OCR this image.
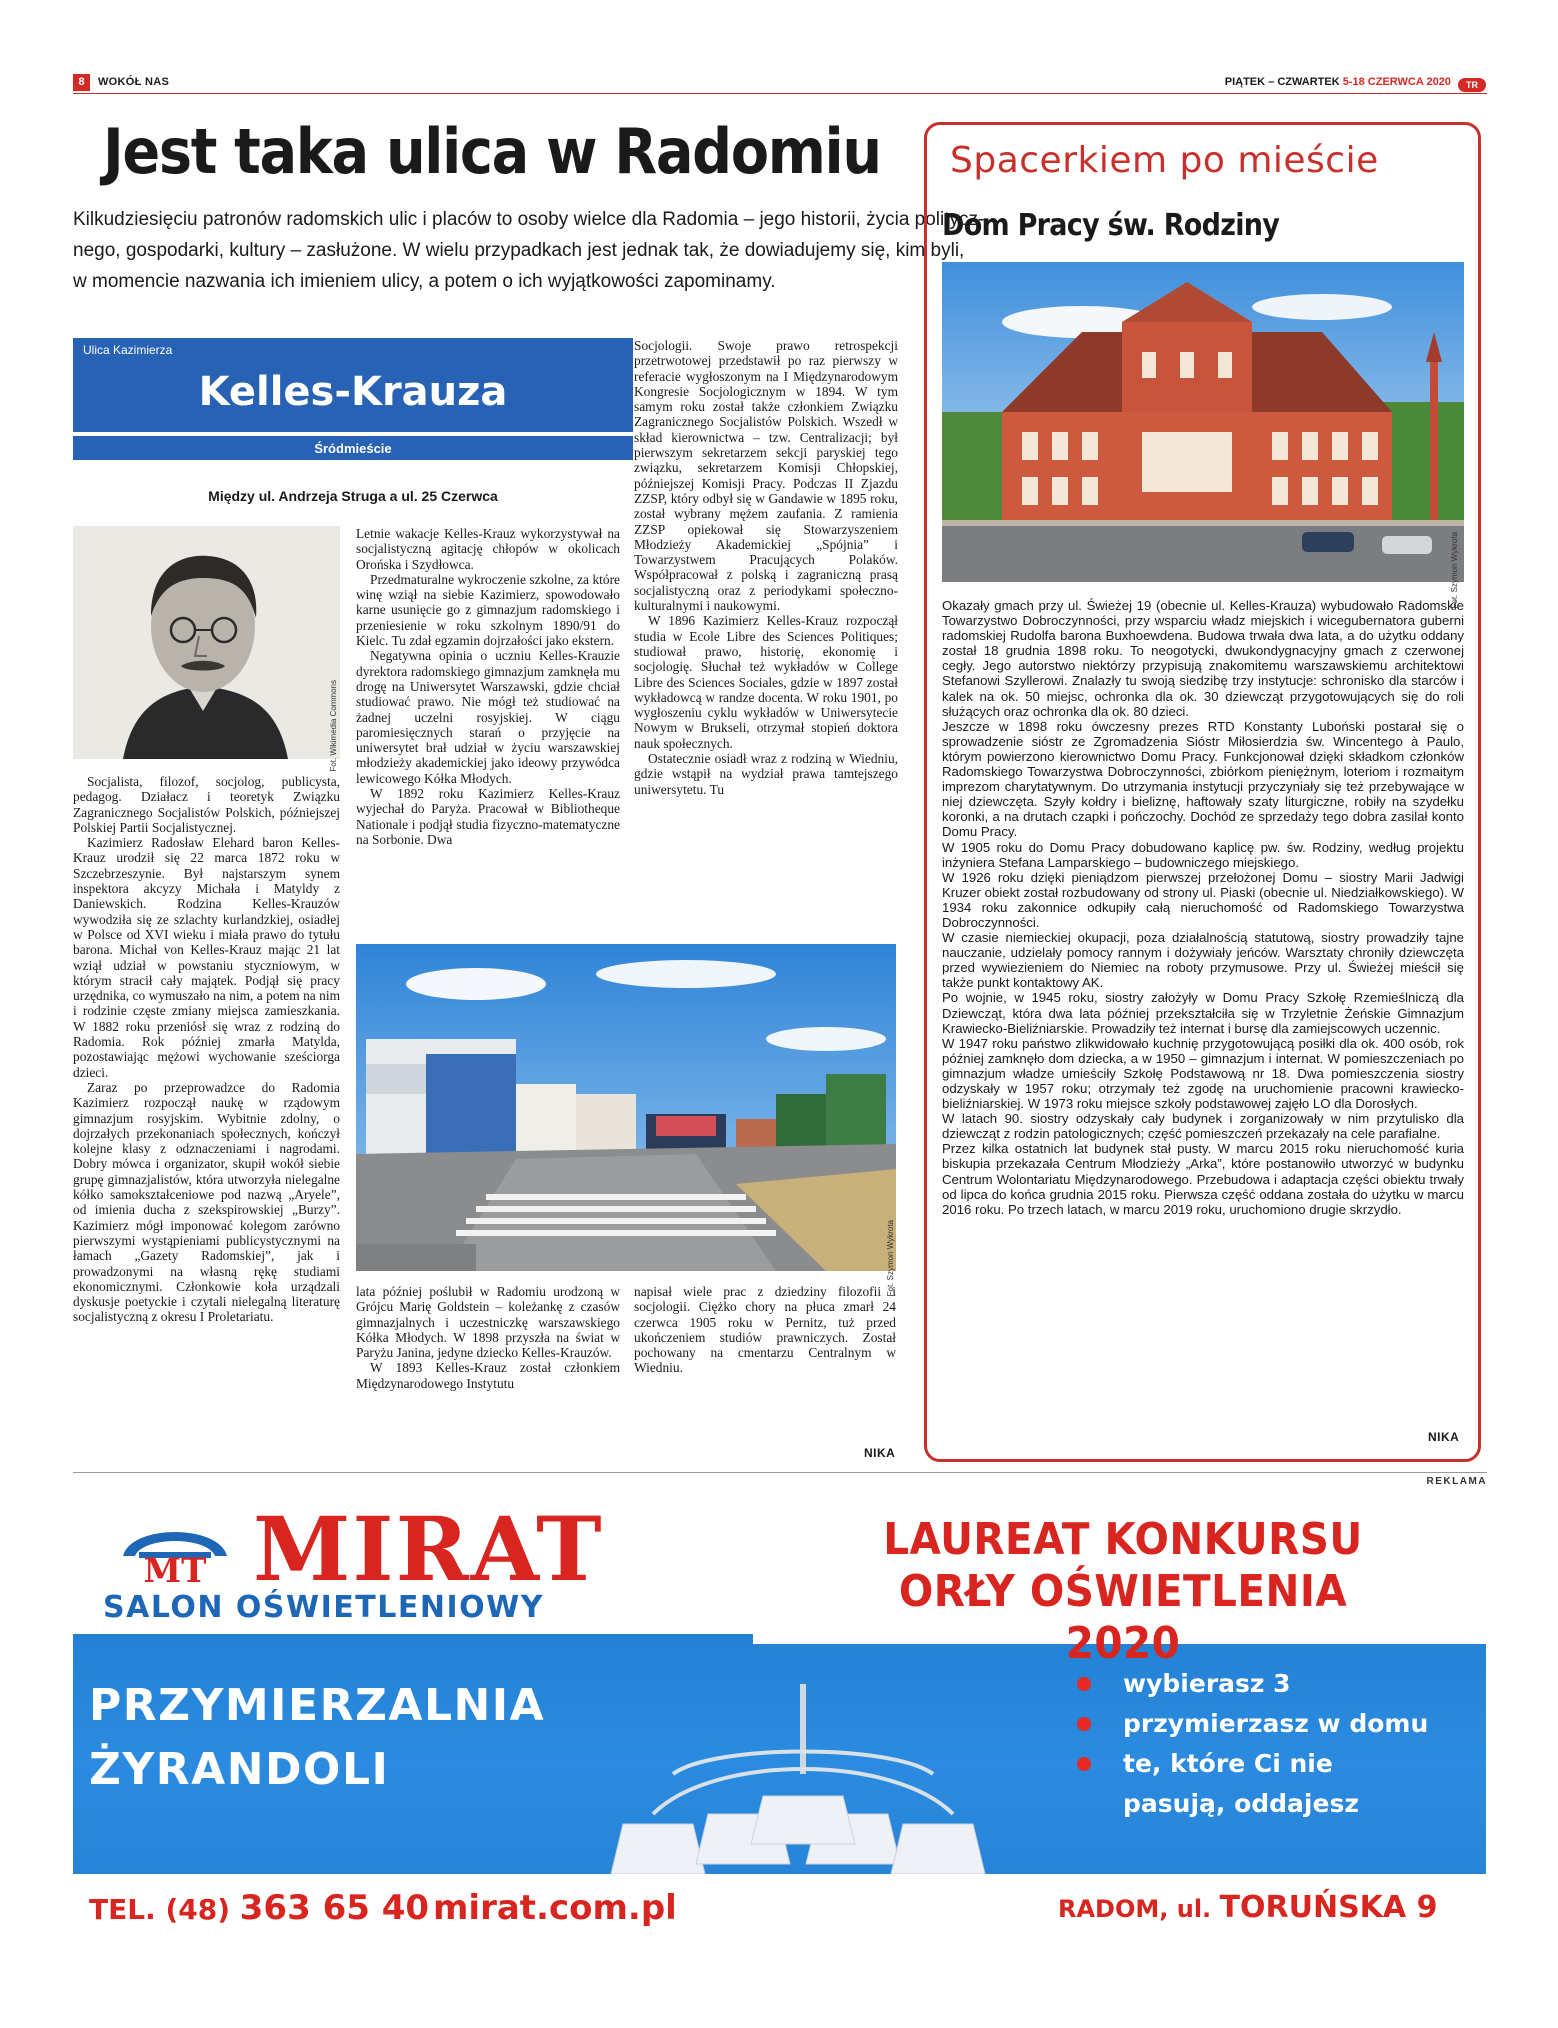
8	WOKÓŁ NAS	PIĄTEK – CZWARTEK 5-18 CZERWCA 2020 TR
Jest taka ulica w Radomiu
Kilkudziesięciu patronów radomskich ulic i placów to osoby wielce dla Radomia – jego historii, życia politycz-
nego, gospodarki, kultury – zasłużone. W wielu przypadkach jest jednak tak, że dowiadujemy się, kim byli,
w momencie nazwania ich imieniem ulicy, a potem o ich wyjątkowości zapominamy.
Ulica Kazimierza
Kelles-Krauza
Śródmieście
Między ul. Andrzeja Struga a ul. 25 Czerwca
Fot. Wikimedia Commons

Socjalista, filozof, socjolog, publicysta, pedagog. Działacz i teoretyk Związku Zagranicznego Socjalistów Polskich, późniejszej Polskiej Partii Socjalistycznej.

Kazimierz Radosław Elehard baron Kelles-Krauz urodził się 22 marca 1872 roku w Szczebrzeszynie. Był najstarszym synem inspektora akcyzy Michała i Matyldy z Daniewskich. Rodzina Kelles-Krauzów wywodziła się ze szlachty kurlandzkiej, osiadłej w Polsce od XVI wieku i miała prawo do tytułu barona. Michał von Kelles-Krauz mając 21 lat wziął udział w powstaniu styczniowym, w którym stracił cały majątek. Podjął się pracy urzędnika, co wymuszało na nim, a potem na nim i rodzinie częste zmiany miejsca zamieszkania. W 1882 roku przeniósł się wraz z rodziną do Radomia. Rok później zmarła Matylda, pozostawiając mężowi wychowanie sześciorga dzieci.

Zaraz po przeprowadzce do Radomia Kazimierz rozpoczął naukę w rządowym gimnazjum rosyjskim. Wybitnie zdolny, o dojrzałych przekonaniach społecznych, kończył kolejne klasy z odznaczeniami i nagrodami. Dobry mówca i organizator, skupił wokół siebie grupę gimnazjalistów, która utworzyła nielegalne kółko samokształceniowe pod nazwą „Aryele”, od imienia ducha z szekspirowskiej „Burzy”. Kazimierz mógł imponować kolegom zarówno pierwszymi wystąpieniami publicystycznymi na łamach „Gazety Radomskiej”, jak i prowadzonymi na własną rękę studiami ekonomicznymi. Członkowie koła urządzali dyskusje poetyckie i czytali nielegalną literaturę socjalistyczną z okresu I Proletariatu.

Letnie wakacje Kelles-Krauz wykorzystywał na socjalistyczną agitację chłopów w okolicach Orońska i Szydłowca.

Przedmaturalne wykroczenie szkolne, za które winę wziął na siebie Kazimierz, spowodowało karne usunięcie go z gimnazjum radomskiego i przeniesienie w roku szkolnym 1890/91 do Kielc. Tu zdał egzamin dojrzałości jako ekstern.

Negatywna opinia o uczniu Kelles-Krauzie dyrektora radomskiego gimnazjum zamknęła mu drogę na Uniwersytet Warszawski, gdzie chciał studiować prawo. Nie mógł też studiować na żadnej uczelni rosyjskiej. W ciągu paromiesięcznych starań o przyjęcie na uniwersytet brał udział w życiu warszawskiej młodzieży akademickiej jako ideowy przywódca lewicowego Kółka Młodych.

W 1892 roku Kazimierz Kelles-Krauz wyjechał do Paryża. Pracował w Bibliotheque Nationale i podjął studia fizyczno-matematyczne na Sorbonie. Dwa

Socjologii. Swoje prawo retrospekcji przetrwotowej przedstawił po raz pierwszy w referacie wygłoszonym na I Międzynarodowym Kongresie Socjologicznym w 1894. W tym samym roku został także członkiem Związku Zagranicznego Socjalistów Polskich. Wszedł w skład kierownictwa – tzw. Centralizacji; był pierwszym sekretarzem sekcji paryskiej tego związku, sekretarzem Komisji Chłopskiej, późniejszej Komisji Pracy. Podczas II Zjazdu ZZSP, który odbył się w Gandawie w 1895 roku, został wybrany mężem zaufania. Z ramienia ZZSP opiekował się Stowarzyszeniem Młodzieży Akademickiej „Spójnia” i Towarzystwem Pracujących Polaków. Współpracował z polską i zagraniczną prasą socjalistyczną oraz z periodykami społeczno-kulturalnymi i naukowymi.

W 1896 Kazimierz Kelles-Krauz rozpoczął studia w Ecole Libre des Sciences Politiques; studiował prawo, historię, ekonomię i socjologię. Słuchał też wykładów w College Libre des Sciences Sociales, gdzie w 1897 został wykładowcą w randze docenta. W roku 1901, po wygłoszeniu cyklu wykładów w Uniwersytecie Nowym w Brukseli, otrzymał stopień doktora nauk społecznych.

Ostatecznie osiadł wraz z rodziną w Wiedniu, gdzie wstąpił na wydział prawa tamtejszego uniwersytetu. Tu

Fot. Szymon Wykrota

lata później poślubił w Radomiu urodzoną w Grójcu Marię Goldstein – koleżankę z czasów gimnazjalnych i uczestniczkę warszawskiego Kółka Młodych. W 1898 przyszła na świat w Paryżu Janina, jedyne dziecko Kelles-Krauzów.

W 1893 Kelles-Krauz został członkiem Międzynarodowego Instytutu

napisał wiele prac z dziedziny filozofii i socjologii. Ciężko chory na płuca zmarł 24 czerwca 1905 roku w Pernitz, tuż przed ukończeniem studiów prawniczych. Został pochowany na cmentarzu Centralnym w Wiedniu.

NIKA
Spacerkiem po mieście
Dom Pracy św. Rodziny
Fot. Szymon Wykrota

Okazały gmach przy ul. Świeżej 19 (obecnie ul. Kelles-Krauza) wybudowało Radomskie Towarzystwo Dobroczynności, przy wsparciu władz miejskich i wicegubernatora guberni radomskiej Rudolfa barona Buxhoewdena. Budowa trwała dwa lata, a do użytku oddany został 18 grudnia 1898 roku. To neogotycki, dwukondygnacyjny gmach z czerwonej cegły. Jego autorstwo niektórzy przypisują znakomitemu warszawskiemu architektowi Stefanowi Szyllerowi. Znalazły tu swoją siedzibę trzy instytucje: schronisko dla starców i kalek na ok. 50 miejsc, ochronka dla ok. 30 dziewcząt przygotowujących się do roli służących oraz ochronka dla ok. 80 dzieci.

Jeszcze w 1898 roku ówczesny prezes RTD Konstanty Luboński postarał się o sprowadzenie sióstr ze Zgromadzenia Sióstr Miłosierdzia św. Wincentego à Paulo, którym powierzono kierownictwo Domu Pracy. Funkcjonował dzięki składkom członków Radomskiego Towarzystwa Dobroczynności, zbiórkom pieniężnym, loteriom i rozmaitym imprezom charytatywnym. Do utrzymania instytucji przyczyniały się też przebywające w niej dziewczęta. Szyły kołdry i bieliznę, haftowały szaty liturgiczne, robiły na szydełku koronki, a na drutach czapki i pończochy. Dochód ze sprzedaży tego dobra zasilał konto Domu Pracy.

W 1905 roku do Domu Pracy dobudowano kaplicę pw. św. Rodziny, według projektu inżyniera Stefana Lamparskiego – budowniczego miejskiego.

W 1926 roku dzięki pieniądzom pierwszej przełożonej Domu – siostry Marii Jadwigi Kruzer obiekt został rozbudowany od strony ul. Piaski (obecnie ul. Niedziałkowskiego). W 1934 roku zakonnice odkupiły całą nieruchomość od Radomskiego Towarzystwa Dobroczynności.

W czasie niemieckiej okupacji, poza działalnością statutową, siostry prowadziły tajne nauczanie, udzielały pomocy rannym i dożywiały jeńców. Warsztaty chroniły dziewczęta przed wywiezieniem do Niemiec na roboty przymusowe. Przy ul. Świeżej mieścił się także punkt kontaktowy AK.

Po wojnie, w 1945 roku, siostry założyły w Domu Pracy Szkołę Rzemieślniczą dla Dziewcząt, która dwa lata później przekształciła się w Trzyletnie Żeńskie Gimnazjum Krawiecko-Bieliźniarskie. Prowadziły też internat i bursę dla zamiejscowych uczennic.

W 1947 roku państwo zlikwidowało kuchnię przygotowującą posiłki dla ok. 400 osób, rok później zamknęło dom dziecka, a w 1950 – gimnazjum i internat. W pomieszczeniach po gimnazjum władze umieściły Szkołę Podstawową nr 18. Dwa pomieszczenia siostry odzyskały w 1957 roku; otrzymały też zgodę na uruchomienie pracowni krawiecko-bieliźniarskiej. W 1973 roku miejsce szkoły podstawowej zajęło LO dla Dorosłych.

W latach 90. siostry odzyskały cały budynek i zorganizowały w nim przytulisko dla dziewcząt z rodzin patologicznych; część pomieszczeń przekazały na cele parafialne.

Przez kilka ostatnich lat budynek stał pusty. W marcu 2015 roku nieruchomość kuria biskupia przekazała Centrum Młodzieży „Arka”, które postanowiło utworzyć w budynku Centrum Wolontariatu Międzynarodowego. Przebudowa i adaptacja części obiektu trwały od lipca do końca grudnia 2015 roku. Pierwsza część oddana została do użytku w marcu 2016 roku. Po trzech latach, w marcu 2019 roku, uruchomiono drugie skrzydło.

NIKA
REKLAMA
MT MIRAT
SALON OŚWIETLENIOWY
LAUREAT KONKURSU
ORŁY OŚWIETLENIA 2020
PRZYMIERZALNIA
ŻYRANDOLI
wybierasz 3
przymierzasz w domu
te, które Ci nie pasują, oddajesz
TEL. (48) 363 65 40 mirat.com.pl	RADOM, ul. TORUŃSKA 9
